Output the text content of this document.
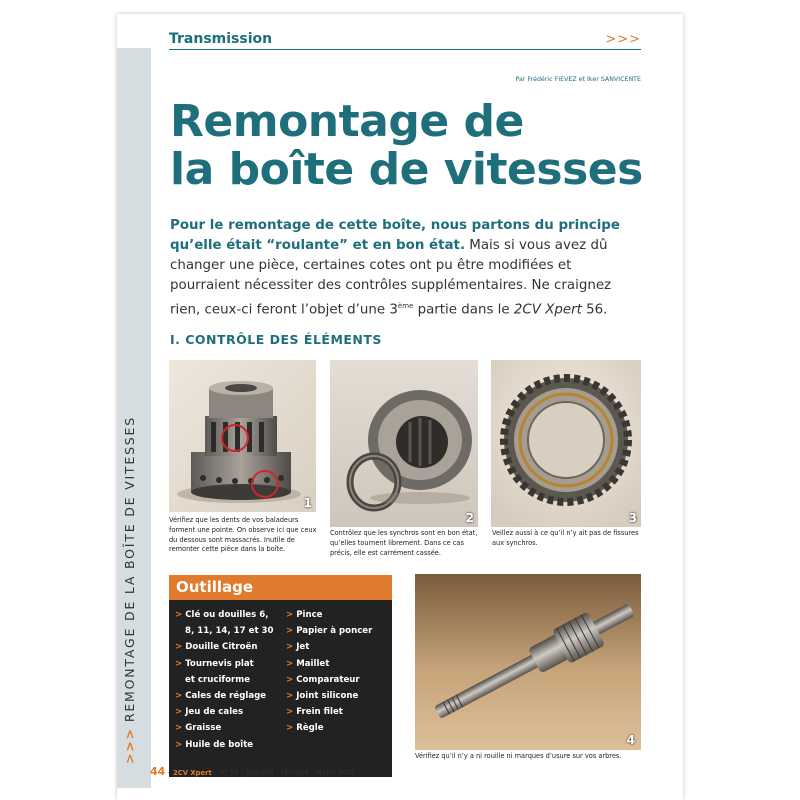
>>>REMONTAGE DE LA BOÎTE DE VITESSES
Transmission	>>>
Par Frédéric FIEVEZ et Iker SANVICENTE
Remontage de
la boîte de vitesses

Pour le remontage de cette boîte, nous partons du principe qu’elle était “roulante” et en bon état. Mais si vous avez dû changer une pièce, certaines cotes ont pu être modifiées et pourraient nécessiter des contrôles supplémentaires. Ne craignez rien, ceux-ci feront l’objet d’une 3ème partie dans le 2CV Xpert 56.

I. CONTRÔLE DES ÉLÉMENTS
1
Vérifiez que les dents de vos baladeurs forment une pointe. On observe ici que ceux du dessous sont massacrés. Inutile de remonter cette pièce dans la boîte.
2
Contrôlez que les synchros sont en bon état, qu’elles tournent librement. Dans ce cas précis, elle est carrément cassée.
3
Veillez aussi à ce qu’il n’y ait pas de fissures aux synchros.
Outillage
> Clé ou douilles 6,
8, 11, 14, 17 et 30
> Douille Citroën
> Tournevis plat
et cruciforme
> Cales de réglage
> Jeu de cales
> Graisse
> Huile de boîte
> Pince
> Papier à poncer
> Jet
> Maillet
> Comparateur
> Joint silicone
> Frein filet
> Règle
4
Vérifiez qu’il n’y a ni rouille ni marques d’usure sur vos arbres.
44 – 2CV Xpert – N° 55 – JANVIER - FÉVRIER - MARS 2021
